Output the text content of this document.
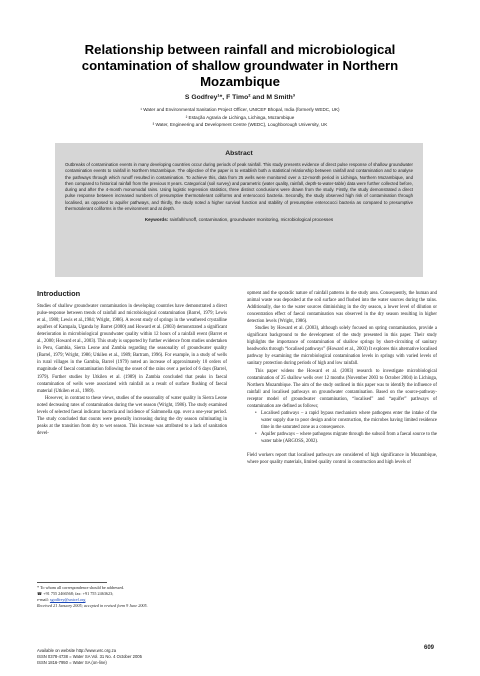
Relationship between rainfall and microbiological contamination of shallow groundwater in Northern Mozambique
S Godfrey¹*, F Timo² and M Smith³
¹ Water and Environmental Sanitation Project Officer, UNICEF Bhopal, India (formerly WEDC, UK)
² Estação Agraria de Lichinga, Lichinga, Mozambique
³ Water, Engineering and Development Centre (WEDC), Loughborough University, UK
Abstract
Outbreaks of contamination events in many developing countries occur during periods of peak rainfall. This study presents evidence of direct pulse response of shallow groundwater contamination events to rainfall in Northern Mozambique. The objective of the paper is to establish both a statistical relationship between rainfall and contamination and to analyse the pathways through which runoff resulted in contamination. To achieve this, data from 25 wells were monitored over a 12-month period in Lichinga, Northern Mozambique, and then compared to historical rainfall from the previous 8 years. Categorical (soil survey) and parametric (water quality, rainfall, depth-to-water-table) data were further collected before, during and after the 4-month monomodal rains. Using logistic regression statistics, three distinct conclusions were drawn from the study. Firstly, the study demonstrated a direct pulse response between increased numbers of presumptive thermotolerant coliforms and enterococci bacteria. Secondly, the study observed high risk of contamination through localised, as opposed to aquifer pathways, and thirdly, the study noted a higher survival function and stability of presumptive enterococci bacteria as compared to presumptive thermotolerant coliforms in the environment and at depth.
Keywords: rainfall/runoff, contamination, groundwater monitoring, microbiological processes
Introduction

Studies of shallow groundwater contamination in developing countries have demonstrated a direct pulse-response between trends of rainfall and microbiological contamination (Barrel, 1979; Lewis et al., 1980; Lewis et al.,1984; Wright, 1986). A recent study of springs in the weathered crystalline aquifers of Kampala, Uganda by Barret (2000) and Howard et al. (2003) demonstrated a significant deterioration in microbiological groundwater quality within 12 hours of a rainfall event (Barret et al., 2000; Howard et al., 2003). This study is supported by further evidence from studies undertaken in Peru, Gambia, Sierra Leone and Zambia regarding the seasonality of groundwater quality (Barrel, 1979; Wright, 1986; Utkilen et al., 1989; Bartram, 1996). For example, in a study of wells in rural villages in the Gambia, Barrel (1979) noted an increase of approximately 10 orders of magnitude of faecal contamination following the onset of the rains over a period of 6 days (Barrel, 1979). Further studies by Utkilen et al. (1989) in Zambia concluded that peaks in faecal contamination of wells were associated with rainfall as a result of surface flushing of faecal material (Utkilen et al., 1989).

However, in contrast to these views, studies of the seasonality of water quality in Sierra Leone noted decreasing rates of contamination during the wet season (Wright, 1986). The study examined levels of selected faecal indicator bacteria and incidence of Salmonella spp. over a one-year period. The study concluded that counts were generally increasing during the dry season culminating in peaks at the transition from dry to wet season. This increase was attributed to a lack of sanitation devel-

opment and the sporadic nature of rainfall patterns in the study area. Consequently, the human and animal waste was deposited at the soil surface and flushed into the water sources during the rains. Additionally, due to the water sources diminishing in the dry season, a lower level of dilution or concentration effect of faecal contamination was observed in the dry season resulting in higher detection levels (Wright, 1986).

Studies by Howard et al. (2003), although solely focused on spring contamination, provide a significant background to the development of the study presented in this paper. Their study highlights the importance of contamination of shallow springs by short-circuiting of sanitary headworks through “localised pathways” (Howard et al., 2003) It explores this alternative localised pathway by examining the microbiological contamination levels in springs with varied levels of sanitary protection during periods of high and low rainfall.

This paper widens the Howard et al. (2003) research to investigate microbiological contamination of 25 shallow wells over 12 months (November 2003 to October 2004) in Lichinga, Northern Mozambique. The aim of the study outlined in this paper was to identify the influence of rainfall and localised pathways on groundwater contamination. Based on the source-pathway-receptor model of groundwater contamination, “localised” and “aquifer” pathways of contamination are defined as follows;

• Localised pathways – a rapid bypass mechanism where pathogens enter the intake of the water supply due to poor design and/or construction, the microbes having limited residence time in the saturated zone as a consequence.
• Aquifer pathways – where pathogens migrate through the subsoil from a faecal source to the water table (ARGOSS, 2002).

Field workers report that localised pathways are considered of high significance in Mozambique, where poor quality materials, limited quality control in construction and high levels of

* To whom all correspondence should be addressed.
☎ +91 755 2466568; fax: +91 755 2463623;
e-mail: sgodfrey@unicef.org
Received 21 January 2005; accepted in revised form 9 June 2005.
Available on website http://www.wrc.org.za
ISSN 0378-4738 = Water SA Vol. 31 No. 4 October 2005
ISSN 1816-7950 = Water SA (on-line)
609
